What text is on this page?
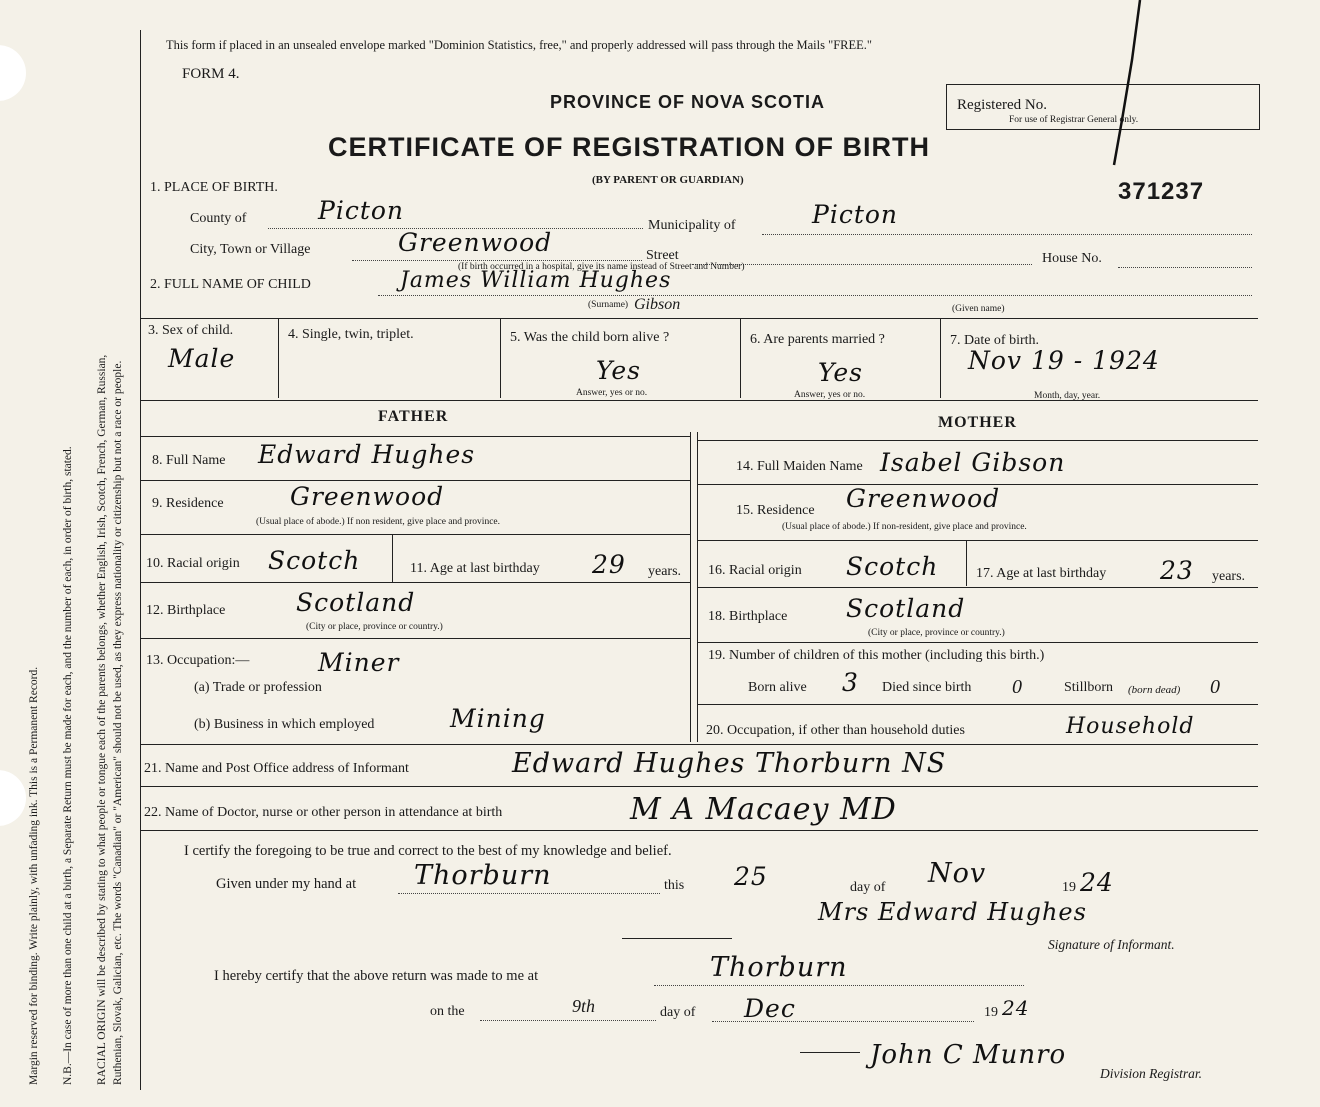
Margin reserved for binding. Write plainly, with unfading ink. This is a Permanent Record. N.B.—In case of more than one child at a birth, a Separate Return must be made for each, and the number of each, in order of birth, stated. RACIAL ORIGIN will be described by stating to what people or tongue each of the parents belongs, whether English, Irish, Scotch, French, German, Russian, Ruthenian, Slovak, Galician, etc. The words "Canadian" or "American" should not be used, as they express nationality or citizenship but not a race or people.
This form if placed in an unsealed envelope marked "Dominion Statistics, free," and properly addressed will pass through the Mails "FREE."
FORM 4.
PROVINCE OF NOVA SCOTIA
CERTIFICATE OF REGISTRATION OF BIRTH
(BY PARENT OR GUARDIAN)
Registered No.
For use of Registrar General only.
371237
1. PLACE OF BIRTH.
County of	Picton
Municipality of	Picton
City, Town or Village	Greenwood	Street
(If birth occurred in a hospital, give its name instead of Street and Number)
House No.
2. FULL NAME OF CHILD	James William Hughes
(Surname) Gibson	(Given name)
3. Sex of child.
Male
4. Single, twin, triplet.	5. Was the child born alive ?
Yes
Answer, yes or no.
6. Are parents married ?
Yes
Answer, yes or no.
7. Date of birth.
Nov 19 - 1924
Month, day, year.
FATHER
8. Full Name Edward Hughes
9. Residence	Greenwood
(Usual place of abode.) If non resident, give place and province.
10. Racial origin Scotch	11. Age at last birthday 29 years.
12. Birthplace	Scotland
(City or place, province or country.)
13. Occupation:—	Miner
(a) Trade or profession
(b) Business in which employed	Mining
MOTHER
14. Full Maiden Name Isabel Gibson
15. Residence Greenwood
(Usual place of abode.) If non-resident, give place and province.
16. Racial origin Scotch	17. Age at last birthday 23 years.
18. Birthplace Scotland
(City or place, province or country.)
19. Number of children of this mother (including this birth.)
Born alive 3 Died since birth 0	Stillborn (born dead) 0
20. Occupation, if other than household duties	Household
21. Name and Post Office address of Informant	Edward Hughes Thorburn NS
22. Name of Doctor, nurse or other person in attendance at birth	M A Macaey MD
I certify the foregoing to be true and correct to the best of my knowledge and belief.
Given under my hand at Thorburn	this 25	day of Nov	19 24
Mrs Edward Hughes
Signature of Informant.
I hereby certify that the above return was made to me at	Thorburn
on the	9th	day of Dec	19 24
John C Munro
Division Registrar.
